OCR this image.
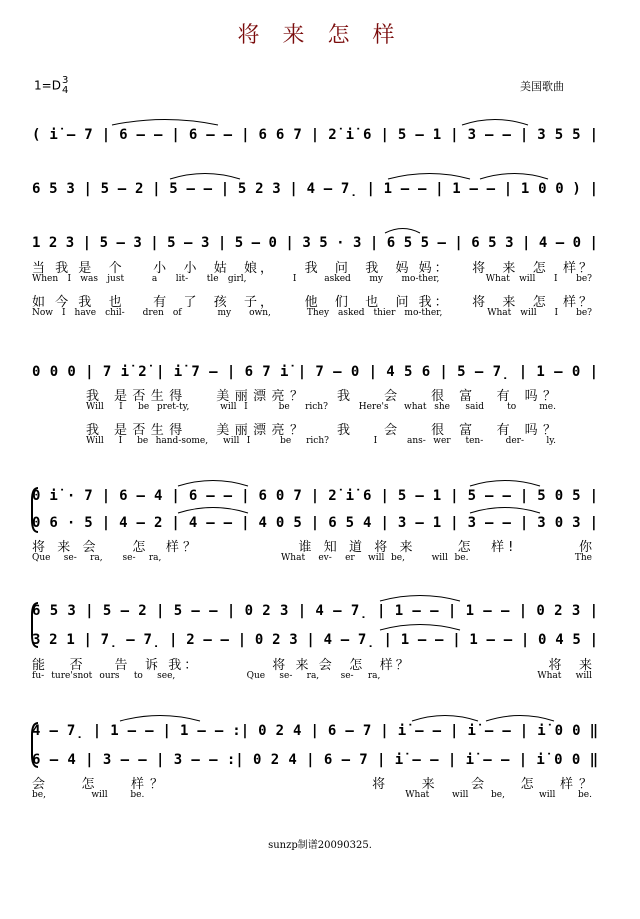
将 来 怎 样
1=D3
4	美国歌曲
( i̇ – 7 | 6 – – | 6 – – | 6 6 7 | 2̇ i̇ 6 | 5 – 1 | 3 – – | 3 5 5 |
6 5 3 | 5 – 2 | 5 – – | 5 2 3 | 4 – 7̣ | 1 – – | 1 – – | 1 0 0 ) |
1 2 3 | 5 – 3 | 5 – 3 | 5 – 0 | 3 5 · 3 | 6 5 5 – | 6 5 3 | 4 – 0 |
0 0 0 | 7 i̇ 2̇ | i̇ 7 – | 6 7 i̇ | 7 – 0 | 4 5 6 | 5 – 7̣ | 1 – 0 |
0 i̇ · 7 | 6 – 4 | 6 – – | 6 0 7 | 2̇ i̇ 6 | 5 – 1 | 5 – – | 5 0 5 |
0 6 · 5 | 4 – 2 | 4 – – | 4 0 5 | 6 5 4 | 3 – 1 | 3 – – | 3 0 3 |
6 5 3 | 5 – 2 | 5 – – | 0 2 3 | 4 – 7̣ | 1 – – | 1 – – | 0 2 3 |
3 2 1 | 7̣ – 7̣ | 2 – – | 0 2 3 | 4 – 7̣ | 1 – – | 1 – – | 0 4 5 |
4 – 7̣ | 1 – – | 1 – – :| 0 2 4 | 6 – 7 | i̇ – – | i̇ – – | i̇ 0 0 ‖
6 – 4 | 3 – – | 3 – – :| 0 2 4 | 6 – 7 | i̇ – – | i̇ – – | i̇ 0 0 ‖
当 我 是  个    小  小  姑  娘，    我  问  我  妈 妈：   将  来  怎  样？
When I was just   a  lit-  tle girl,     I   asked  my  mo-ther,     What will  I  be?
如 今 我  也    有  了  孩  子，    他  们  也  问 我：   将  来  怎  样？
Now I have chil-  dren of    my  own,    They asked thier mo-ther,     What will  I  be?
我 是否生得   美丽漂亮？   我   会   很 富  有 吗？
Will  I  be pret-ty,    will I    be  rich?    Here's  what she  said   to   me.
我 是否生得   美丽漂亮？   我   会   很 富  有 吗？
Will  I  be hand-some,  will I    be  rich?      I    ans- wer  ten-   der-   ly.
将 来 会    怎  样？            谁 知 道 将 来     怎  样!        你
Que  se-  ra,   se-  ra,                  What  ev-  er  will be,    will be.                The
能   否    告  诉 我：          将 来 会  怎  样？                   将  来
fu- ture'snot ours  to  see,          Que  se-  ra,   se-  ra,                      What  will
会   怎   样？                    将   来   会   怎  样？
be,    will  be.                       What  will  be,   will  be.
sunzp制谱20090325.
